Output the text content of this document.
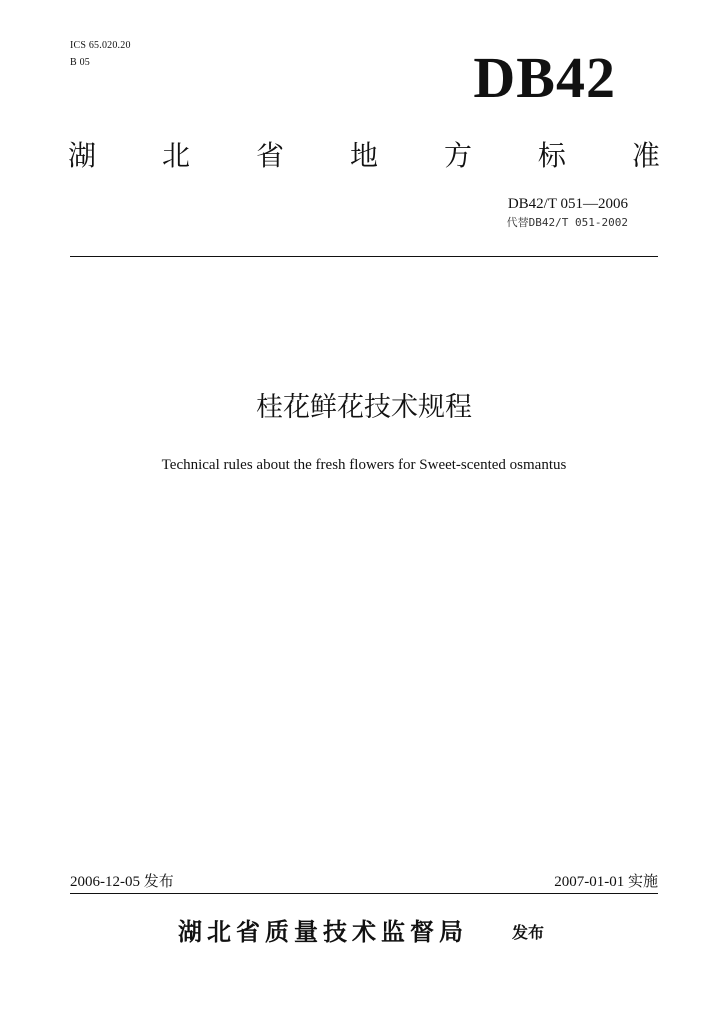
ICS 65.020.20
B 05	DB42
湖 北 省 地 方 标 准
DB42/T 051—2006
代替DB42/T 051-2002
桂花鲜花技术规程
Technical rules about the fresh flowers for Sweet-scented osmantus
2006-12-05 发布	2007-01-01 实施
湖北省质量技术监督局	发布
